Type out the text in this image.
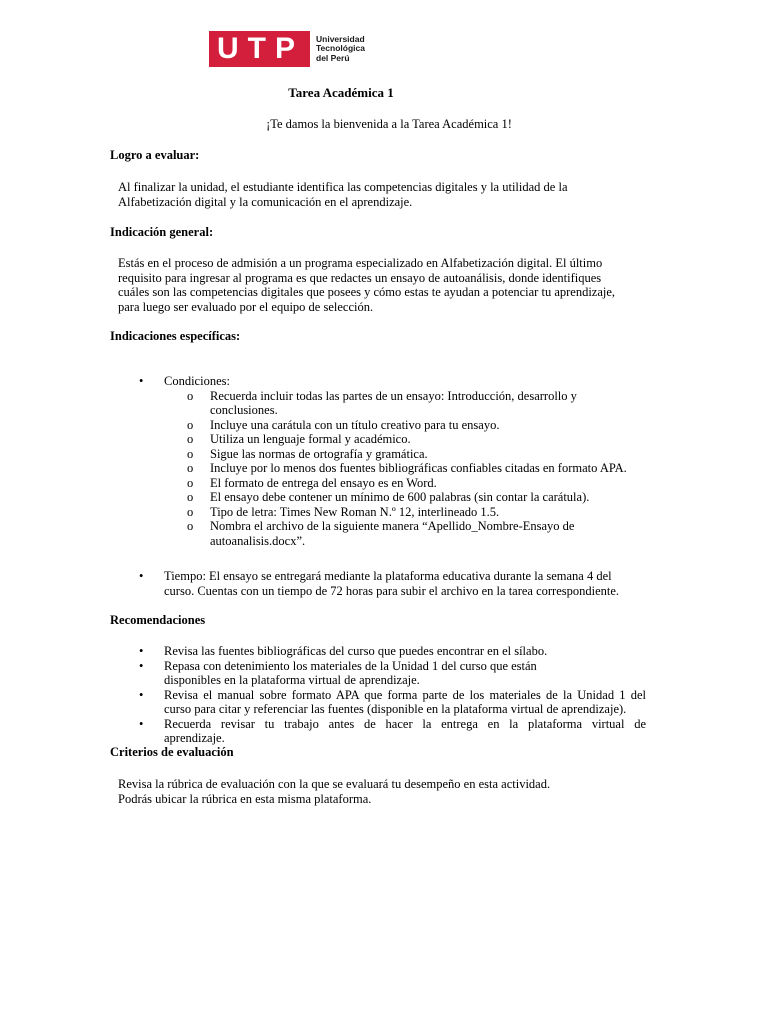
UTP Universidad
Tecnológica
del Perú
Tarea Académica 1
¡Te damos la bienvenida a la Tarea Académica 1!
Logro a evaluar:
Al finalizar la unidad, el estudiante identifica las competencias digitales y la utilidad de la
Alfabetización digital y la comunicación en el aprendizaje.
Indicación general:
Estás en el proceso de admisión a un programa especializado en Alfabetización digital. El último
requisito para ingresar al programa es que redactes un ensayo de autoanálisis, donde identifiques
cuáles son las competencias digitales que posees y cómo estas te ayudan a potenciar tu aprendizaje,
para luego ser evaluado por el equipo de selección.
Indicaciones específicas:
• Condiciones:
o Recuerda incluir todas las partes de un ensayo: Introducción, desarrollo y
conclusiones.
o Incluye una carátula con un título creativo para tu ensayo.
o Utiliza un lenguaje formal y académico.
o Sigue las normas de ortografía y gramática.
o Incluye por lo menos dos fuentes bibliográficas confiables citadas en formato APA.
o El formato de entrega del ensayo es en Word.
o El ensayo debe contener un mínimo de 600 palabras (sin contar la carátula).
o Tipo de letra: Times New Roman N.º 12, interlineado 1.5.
o Nombra el archivo de la siguiente manera “Apellido_Nombre-Ensayo de
autoanalisis.docx”.
• Tiempo: El ensayo se entregará mediante la plataforma educativa durante la semana 4 del
curso. Cuentas con un tiempo de 72 horas para subir el archivo en la tarea correspondiente.
Recomendaciones
• Revisa las fuentes bibliográficas del curso que puedes encontrar en el sílabo.
• Repasa con detenimiento los materiales de la Unidad 1 del curso que están
disponibles en la plataforma virtual de aprendizaje.
• Revisa el manual sobre formato APA que forma parte de los materiales de la Unidad 1 del
curso para citar y referenciar las fuentes (disponible en la plataforma virtual de aprendizaje).
• Recuerda revisar tu trabajo antes de hacer la entrega en la plataforma virtual de
aprendizaje.
Criterios de evaluación
Revisa la rúbrica de evaluación con la que se evaluará tu desempeño en esta actividad.
Podrás ubicar la rúbrica en esta misma plataforma.
